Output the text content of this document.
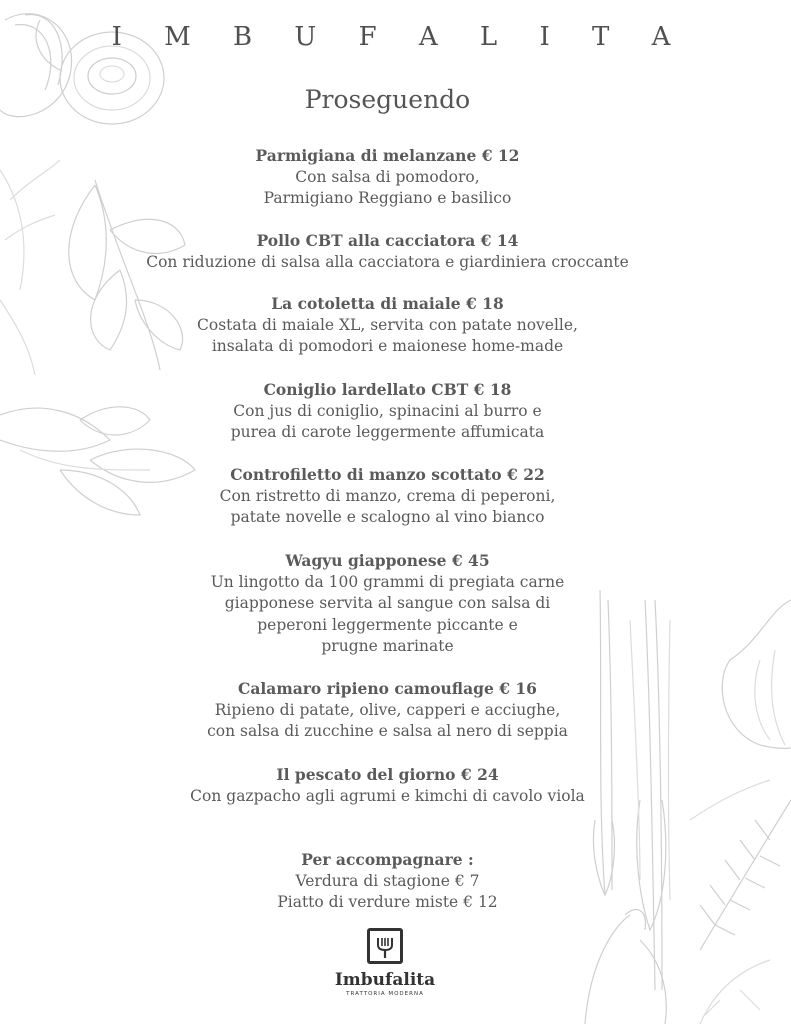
I M B U F A L I T A
Proseguendo
Parmigiana di melanzane € 12
Con salsa di pomodoro,
Parmigiano Reggiano e basilico
Pollo CBT alla cacciatora € 14
Con riduzione di salsa alla cacciatora e giardiniera croccante
La cotoletta di maiale € 18
Costata di maiale XL, servita con patate novelle,
insalata di pomodori e maionese home-made
Coniglio lardellato CBT € 18
Con jus di coniglio, spinacini al burro e
purea di carote leggermente affumicata
Controfiletto di manzo scottato € 22
Con ristretto di manzo, crema di peperoni,
patate novelle e scalogno al vino bianco
Wagyu giapponese € 45
Un lingotto da 100 grammi di pregiata carne
giapponese servita al sangue con salsa di
peperoni leggermente piccante e
prugne marinate
Calamaro ripieno camouflage € 16
Ripieno di patate, olive, capperi e acciughe,
con salsa di zucchine e salsa al nero di seppia
Il pescato del giorno € 24
Con gazpacho agli agrumi e kimchi di cavolo viola
Per accompagnare :
Verdura di stagione € 7
Piatto di verdure miste € 12
Imbufalita
TRATTORIA MODERNA
